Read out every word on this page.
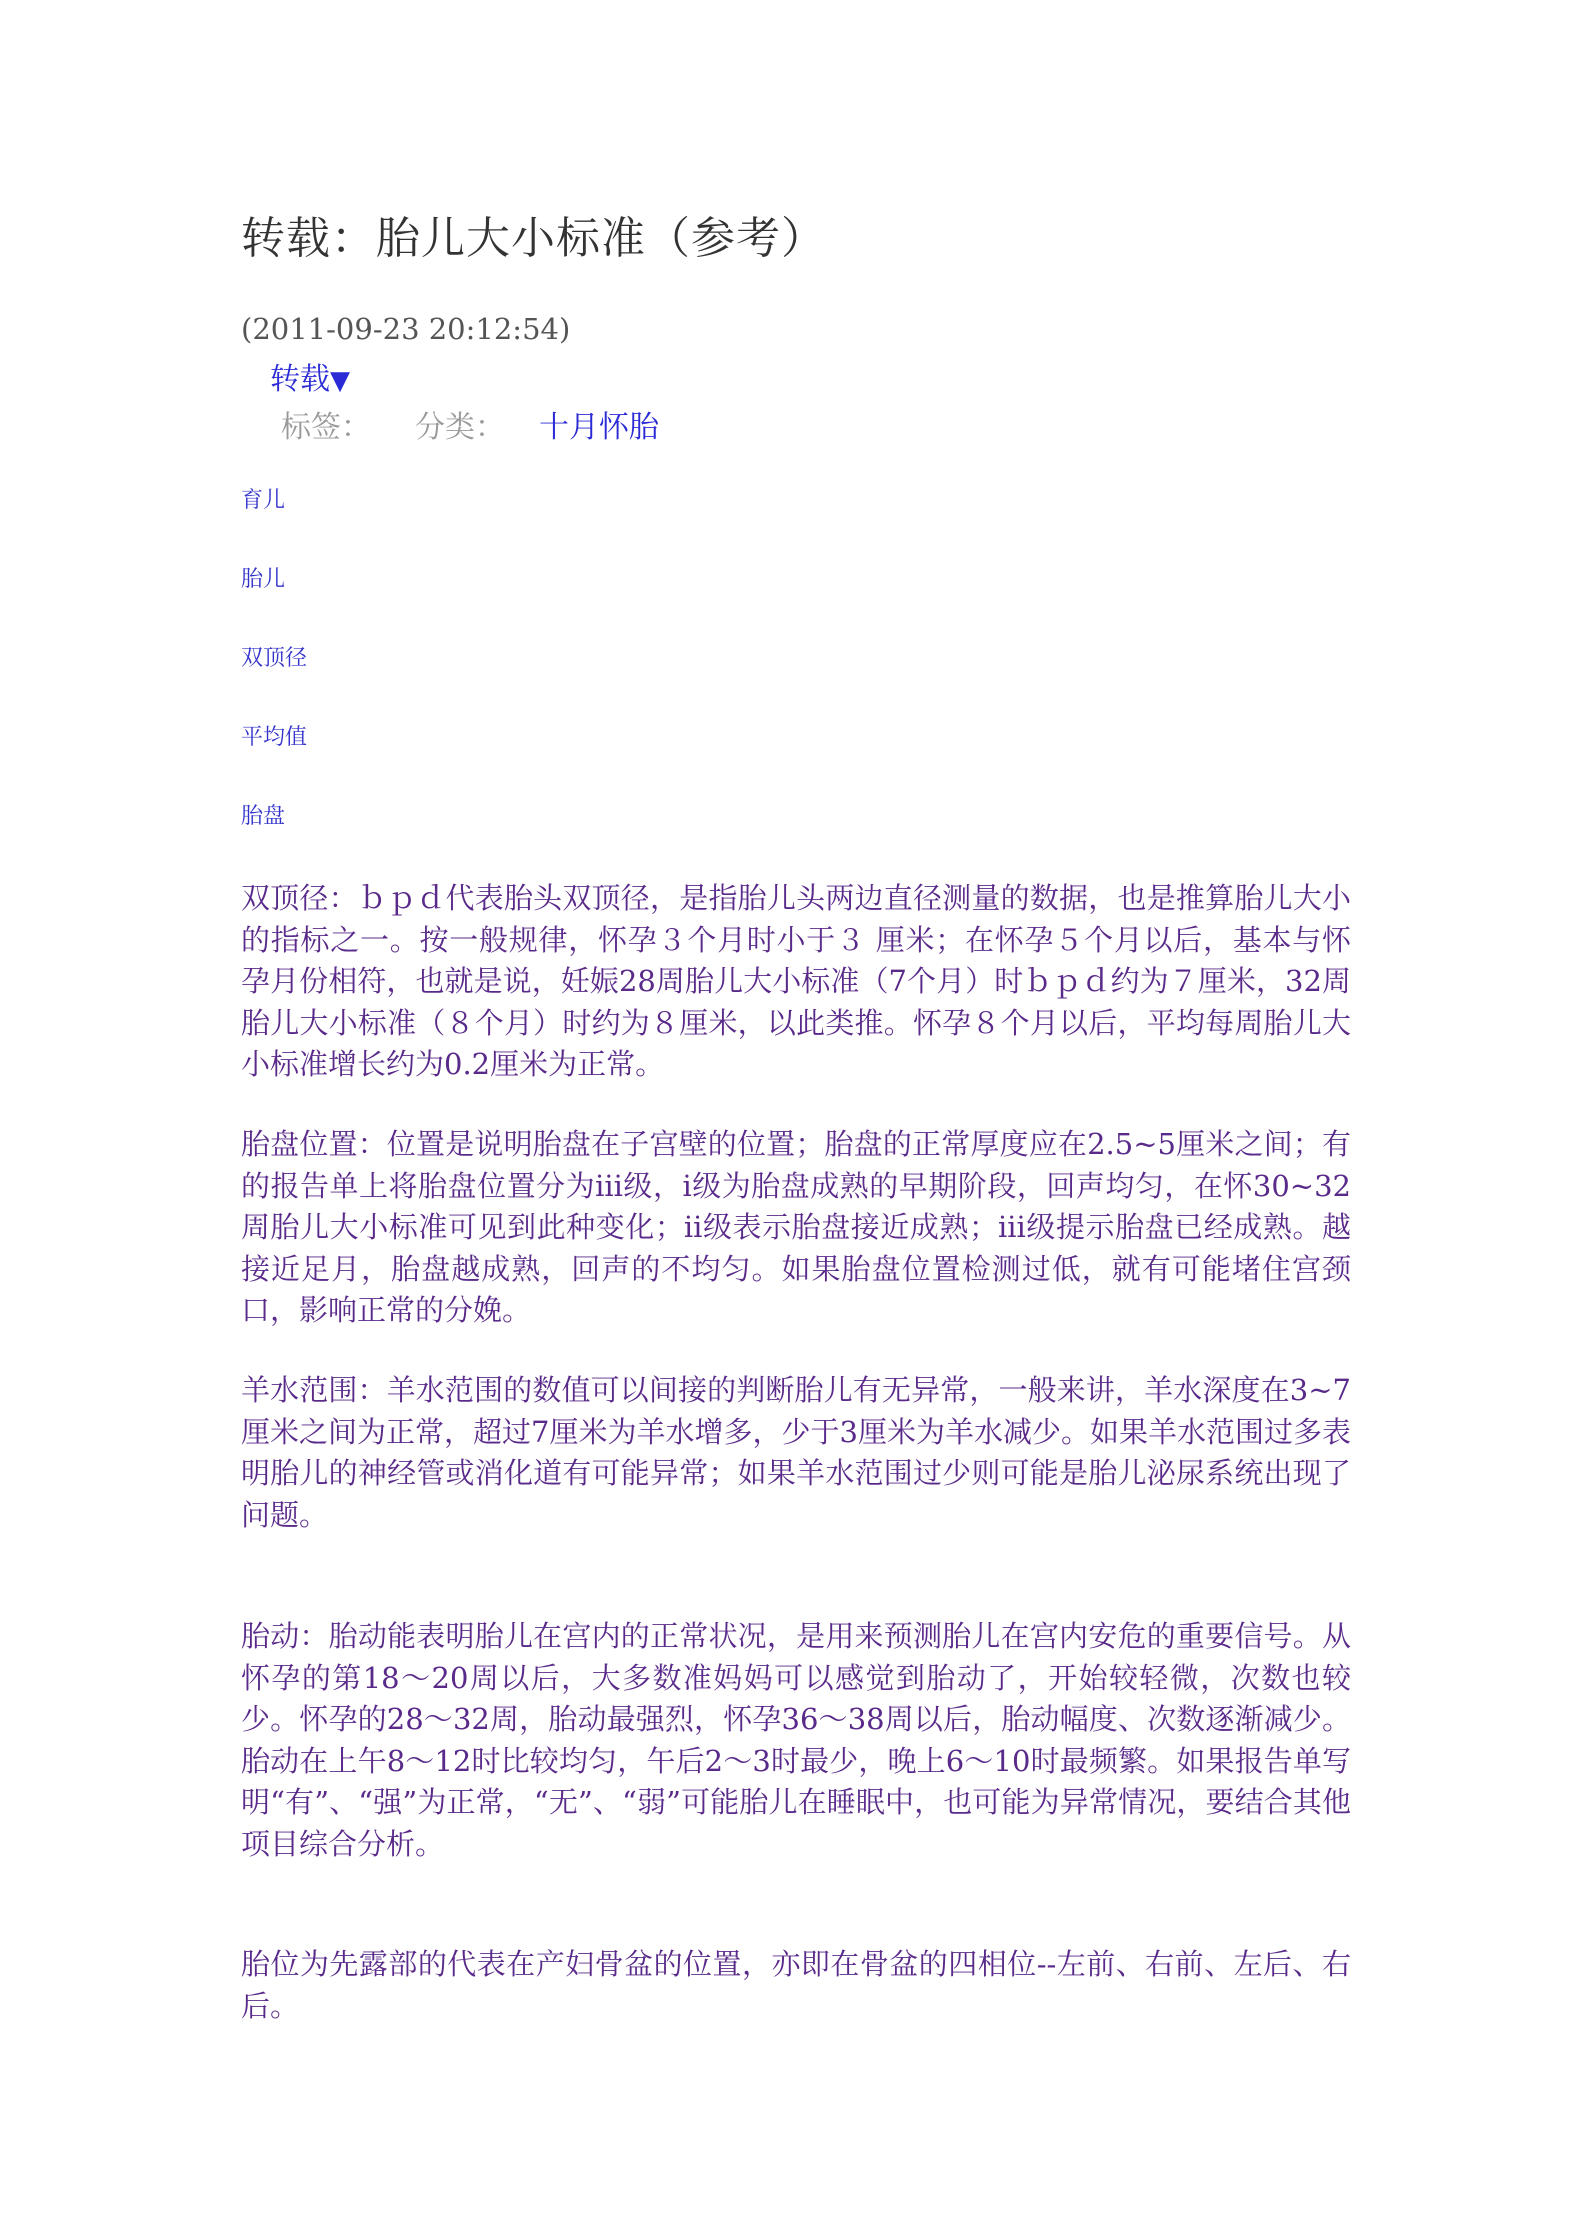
转载：胎儿大小标准（参考）
(2011-09-23 20:12:54)
转载▼
标签： 分类： 十月怀胎
育儿
胎儿
双顶径
平均值
胎盘

双顶径：ｂｐｄ代表胎头双顶径，是指胎儿头两边直径测量的数据，也是推算胎儿大小的指标之一。按一般规律，怀孕３个月时小于３ 厘米；在怀孕５个月以后，基本与怀孕月份相符，也就是说，妊娠28周胎儿大小标准（7个月）时ｂｐｄ约为７厘米，32周胎儿大小标准（８个月）时约为８厘米，以此类推。怀孕８个月以后，平均每周胎儿大小标准增长约为0.2厘米为正常。

胎盘位置：位置是说明胎盘在子宫壁的位置；胎盘的正常厚度应在2.5~5厘米之间；有的报告单上将胎盘位置分为iii级，i级为胎盘成熟的早期阶段，回声均匀，在怀30~32周胎儿大小标准可见到此种变化；ii级表示胎盘接近成熟；iii级提示胎盘已经成熟。越接近足月，胎盘越成熟，回声的不均匀。如果胎盘位置检测过低，就有可能堵住宫颈口，影响正常的分娩。

羊水范围：羊水范围的数值可以间接的判断胎儿有无异常，一般来讲，羊水深度在3~7厘米之间为正常，超过7厘米为羊水增多，少于3厘米为羊水减少。如果羊水范围过多表明胎儿的神经管或消化道有可能异常；如果羊水范围过少则可能是胎儿泌尿系统出现了问题。

胎动：胎动能表明胎儿在宫内的正常状况，是用来预测胎儿在宫内安危的重要信号。从怀孕的第18～20周以后，大多数准妈妈可以感觉到胎动了，开始较轻微，次数也较少。怀孕的28～32周，胎动最强烈，怀孕36～38周以后，胎动幅度、次数逐渐减少。胎动在上午8～12时比较均匀，午后2～3时最少，晚上6～10时最频繁。如果报告单写明“有”、“强”为正常，“无”、“弱”可能胎儿在睡眠中，也可能为异常情况，要结合其他项目综合分析。

胎位为先露部的代表在产妇骨盆的位置，亦即在骨盆的四相位--左前、右前、左后、右后。
